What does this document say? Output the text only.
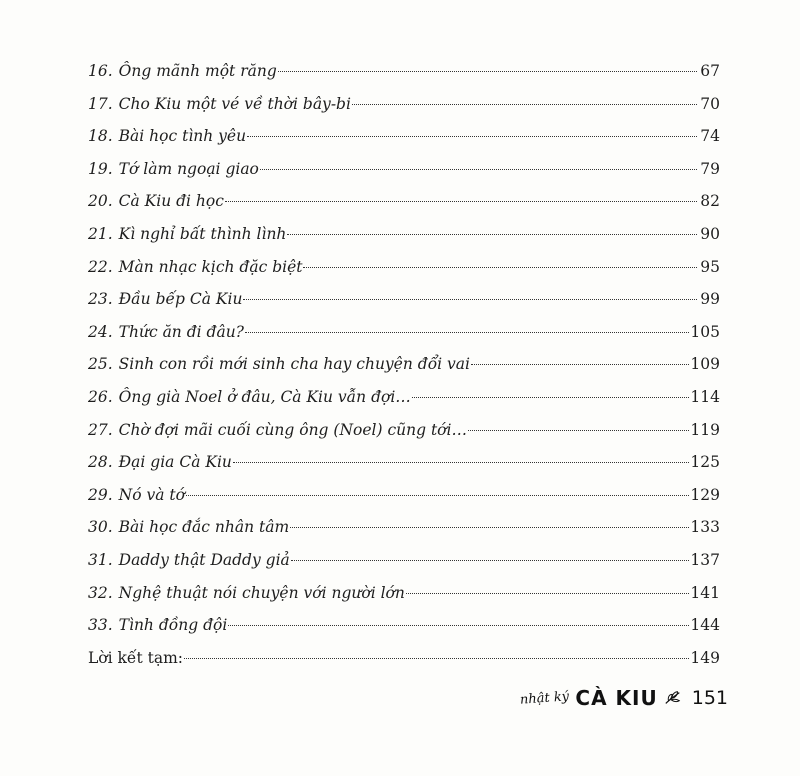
16. Ông mãnh một răng	67
17. Cho Kiu một vé về thời bây-bi	70
18. Bài học tình yêu	74
19. Tớ làm ngoại giao	79
20. Cà Kiu đi học	82
21. Kì nghỉ bất thình lình	90
22. Màn nhạc kịch đặc biệt	95
23. Đầu bếp Cà Kiu	99
24. Thức ăn đi đâu?	105
25. Sinh con rồi mới sinh cha hay chuyện đổi vai	109
26. Ông già Noel ở đâu, Cà Kiu vẫn đợi…	114
27. Chờ đợi mãi cuối cùng ông (Noel) cũng tới…	119
28. Đại gia Cà Kiu	125
29. Nó và tớ	129
30. Bài học đắc nhân tâm	133
31. Daddy thật Daddy giả	137
32. Nghệ thuật nói chuyện với người lớn	141
33. Tình đồng đội	144
Lời kết tạm:	149
nhật ký CÀ KIU 151
